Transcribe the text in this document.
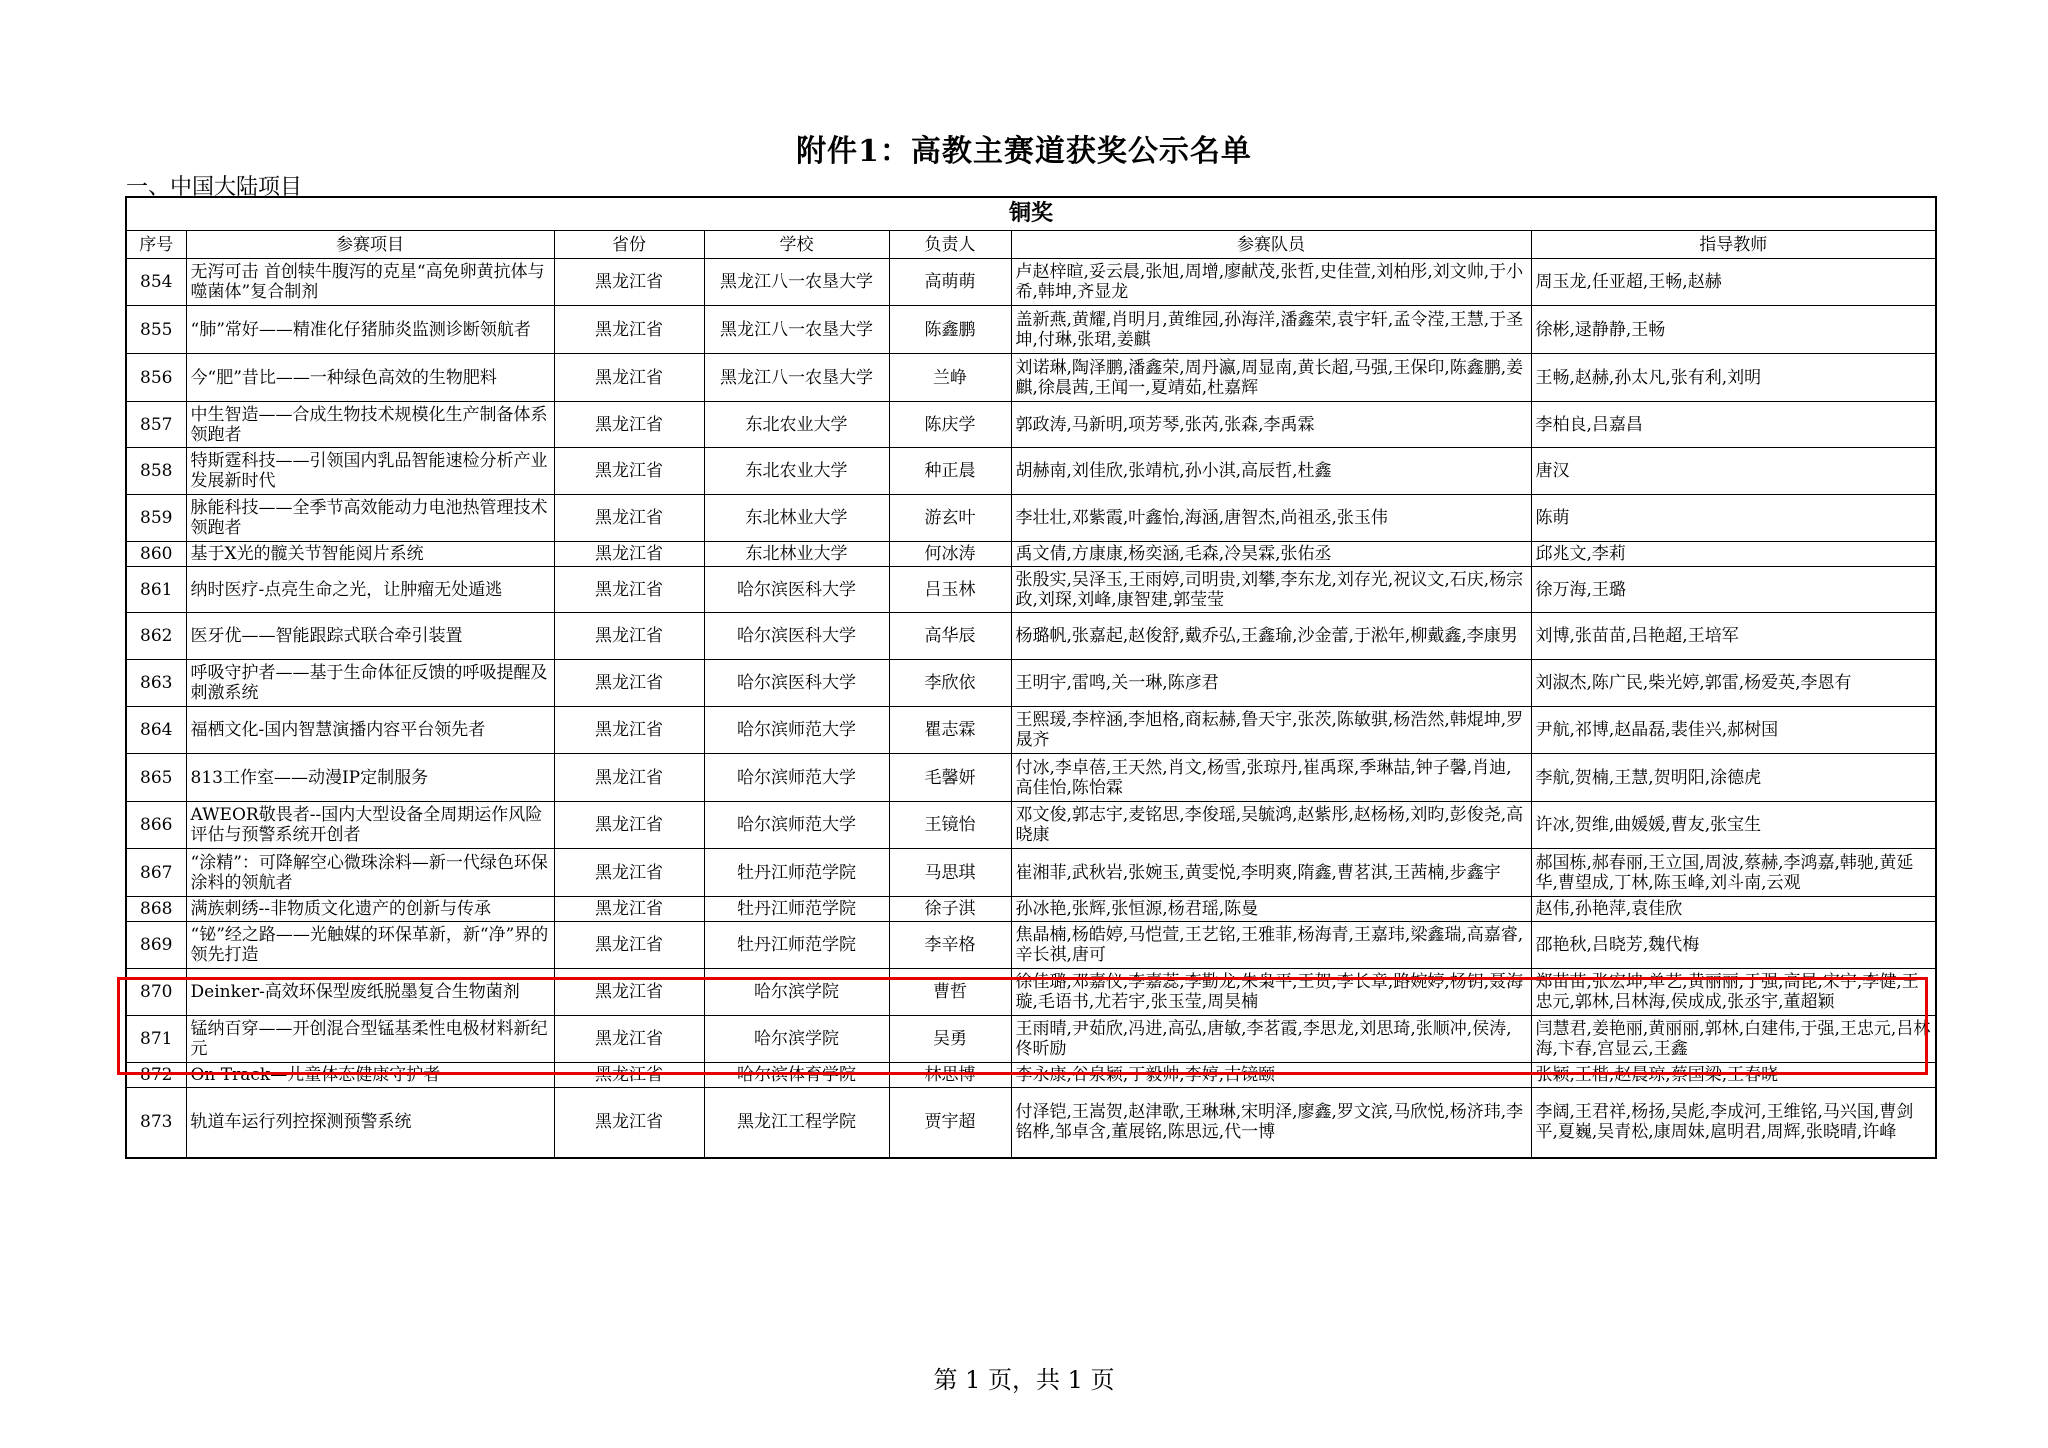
附件1：高教主赛道获奖公示名单
一、中国大陆项目
铜奖						
序号	参赛项目	省份	学校	负责人	参赛队员	指导教师
854	无泻可击 首创犊牛腹泻的克星“高免卵黄抗体与噬菌体”复合制剂	黑龙江省	黑龙江八一农垦大学	高萌萌	卢赵梓暄,妥云晨,张旭,周增,廖献茂,张哲,史佳萱,刘柏彤,刘文帅,于小希,韩坤,齐显龙	周玉龙,任亚超,王畅,赵赫
855	“肺”常好——精准化仔猪肺炎监测诊断领航者	黑龙江省	黑龙江八一农垦大学	陈鑫鹏	盖新燕,黄耀,肖明月,黄维园,孙海洋,潘鑫荣,袁宇轩,孟令滢,王慧,于圣坤,付琳,张珺,姜麒	徐彬,逯静静,王畅
856	今“肥”昔比——一种绿色高效的生物肥料	黑龙江省	黑龙江八一农垦大学	兰峥	刘诺琳,陶泽鹏,潘鑫荣,周丹瀛,周显南,黄长超,马强,王保印,陈鑫鹏,姜麒,徐晨茜,王闻一,夏靖茹,杜嘉辉	王畅,赵赫,孙太凡,张有利,刘明
857	中生智造——合成生物技术规模化生产制备体系领跑者	黑龙江省	东北农业大学	陈庆学	郭政涛,马新明,项芳琴,张芮,张森,李禹霖	李柏良,吕嘉昌
858	特斯霆科技——引领国内乳品智能速检分析产业发展新时代	黑龙江省	东北农业大学	种正晨	胡赫南,刘佳欣,张靖杭,孙小淇,高辰哲,杜鑫	唐汉
859	脉能科技——全季节高效能动力电池热管理技术领跑者	黑龙江省	东北林业大学	游玄叶	李壮壮,邓紫霞,叶鑫怡,海涵,唐智杰,尚祖丞,张玉伟	陈萌
860	基于X光的髋关节智能阅片系统	黑龙江省	东北林业大学	何冰涛	禹文倩,方康康,杨奕涵,毛森,冷昊霖,张佑丞	邱兆文,李莉
861	纳时医疗-点亮生命之光，让肿瘤无处遁逃	黑龙江省	哈尔滨医科大学	吕玉林	张殷实,吴泽玉,王雨婷,司明贵,刘攀,李东龙,刘存光,祝议文,石庆,杨宗政,刘琛,刘峰,康智建,郭莹莹	徐万海,王璐
862	医牙优——智能跟踪式联合牵引装置	黑龙江省	哈尔滨医科大学	高华辰	杨璐帆,张嘉起,赵俊舒,戴乔弘,王鑫瑜,沙金蕾,于淞年,柳戴鑫,李康男	刘博,张苗苗,吕艳超,王培军
863	呼吸守护者——基于生命体征反馈的呼吸提醒及刺激系统	黑龙江省	哈尔滨医科大学	李欣依	王明宇,雷鸣,关一琳,陈彦君	刘淑杰,陈广民,柴光婷,郭雷,杨爱英,李恩有
864	福栖文化-国内智慧演播内容平台领先者	黑龙江省	哈尔滨师范大学	瞿志霖	王熙瑗,李梓涵,李旭格,商耘赫,鲁天宇,张茨,陈敏骐,杨浩然,韩焜坤,罗晟齐	尹航,祁博,赵晶磊,裴佳兴,郝树国
865	813工作室——动漫IP定制服务	黑龙江省	哈尔滨师范大学	毛馨妍	付冰,李卓蓓,王天然,肖文,杨雪,张琼丹,崔禹琛,季琳喆,钟子馨,肖迪,高佳怡,陈怡霖	李航,贺楠,王慧,贺明阳,涂德虎
866	AWEOR敬畏者--国内大型设备全周期运作风险评估与预警系统开创者	黑龙江省	哈尔滨师范大学	王镜怡	邓文俊,郭志宇,麦铭思,李俊瑶,吴毓鸿,赵紫彤,赵杨杨,刘昀,彭俊尧,高晓康	许冰,贺维,曲媛媛,曹友,张宝生
867	“涂精”：可降解空心微珠涂料—新一代绿色环保涂料的领航者	黑龙江省	牡丹江师范学院	马思琪	崔湘菲,武秋岩,张婉玉,黄雯悦,李明爽,隋鑫,曹茗淇,王茜楠,步鑫宇	郝国栋,郝春丽,王立国,周波,蔡赫,李鸿嘉,韩驰,黄延华,曹望成,丁林,陈玉峰,刘斗南,云观
868	满族刺绣--非物质文化遗产的创新与传承	黑龙江省	牡丹江师范学院	徐子淇	孙冰艳,张辉,张恒源,杨君瑶,陈曼	赵伟,孙艳萍,袁佳欣
869	“铋”经之路——光触媒的环保革新，新“净”界的领先打造	黑龙江省	牡丹江师范学院	李辛格	焦晶楠,杨皓婷,马恺萱,王艺铭,王雅菲,杨海青,王嘉玮,梁鑫瑞,高嘉睿,辛长祺,唐可	邵艳秋,吕晓芳,魏代梅
870	Deinker-高效环保型废纸脱墨复合生物菌剂	黑龙江省	哈尔滨学院	曹哲	徐佳璐,邓嘉仪,李嘉蕊,李勤龙,朱枭平,王贺,李长章,路婉婷,杨钥,聂海璇,毛语书,尤若宇,张玉莹,周昊楠	郑苗苗,张宏坤,单艺,黄丽丽,于强,高昆,宋宇,李健,王忠元,郭林,吕林海,侯成成,张丞宇,董超颖
871	锰纳百穿——开创混合型锰基柔性电极材料新纪元	黑龙江省	哈尔滨学院	吴勇	王雨晴,尹茹欣,冯进,高弘,唐敏,李茗霞,李思龙,刘思琦,张顺冲,侯涛,佟昕励	闫慧君,姜艳丽,黄丽丽,郭林,白建伟,于强,王忠元,吕林海,卞春,宫显云,王鑫
872	On Track—儿童体态健康守护者	黑龙江省	哈尔滨体育学院	林思博	李永康,谷泉颖,丁毅帅,李婷,古镜颐	张颖,王楷,赵晨琼,蔡国梁,王春晓
873	轨道车运行列控探测预警系统	黑龙江省	黑龙江工程学院	贾宇超	付泽铠,王嵩贺,赵津歌,王琳琳,宋明泽,廖鑫,罗文滨,马欣悦,杨济玮,李铭桦,邹卓含,董展铭,陈思远,代一博	李阔,王君祥,杨扬,吴彪,李成河,王维铭,马兴国,曹剑平,夏巍,吴青松,康周妹,扈明君,周辉,张晓晴,许峰
第 1 页，共 1 页
